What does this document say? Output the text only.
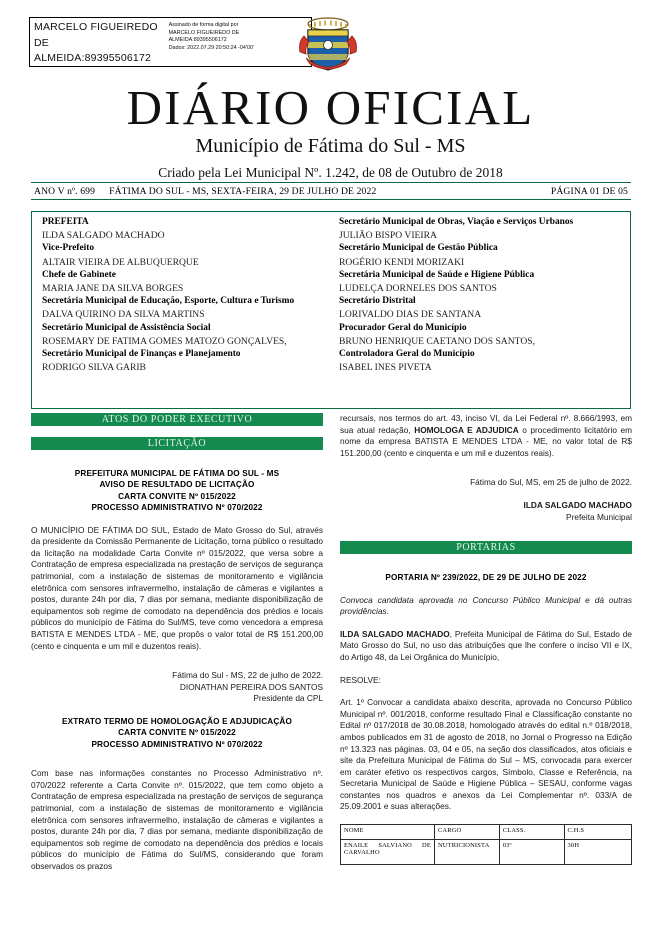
MARCELO FIGUEIREDO DE ALMEIDA:89395506172
Assinado de forma digital por
MARCELO FIGUEIREDO DE
ALMEIDA:89395506172
Dados: 2022.07.29 20:50:24 -04'00'
DIÁRIO OFICIAL
Município de Fátima do Sul - MS
Criado pela Lei Municipal Nº. 1.242, de 08 de Outubro de 2018
ANO V nº. 699 FÁTIMA DO SUL - MS, SEXTA-FEIRA, 29 DE JULHO DE 2022	PÁGINA 01 DE 05
PREFEITA
ILDA SALGADO MACHADO
Vice-Prefeito
ALTAIR VIEIRA DE ALBUQUERQUE
Chefe de Gabinete
MARIA JANE DA SILVA BORGES
Secretária Municipal de Educação, Esporte, Cultura e Turismo
DALVA QUIRINO DA SILVA MARTINS
Secretário Municipal de Assistência Social
ROSEMARY DE FATIMA GOMES MATOZO GONÇALVES,
Secretário Municipal de Finanças e Planejamento
RODRIGO SILVA GARIB
Secretário Municipal de Obras, Viação e Serviços Urbanos
JULIÃO BISPO VIEIRA
Secretário Municipal de Gestão Pública
ROGÉRIO KENDI MORIZAKI
Secretária Municipal de Saúde e Higiene Pública
LUDELÇA DORNELES DOS SANTOS
Secretário Distrital
LORIVALDO DIAS DE SANTANA
Procurador Geral do Município
BRUNO HENRIQUE CAETANO DOS SANTOS,
Controladora Geral do Município
ISABEL INES PIVETA
ATOS DO PODER EXECUTIVO
LICITAÇÃO
PREFEITURA MUNICIPAL DE FÁTIMA DO SUL - MS
AVISO DE RESULTADO DE LICITAÇÃO
CARTA CONVITE Nº 015/2022
PROCESSO ADMINISTRATIVO Nº 070/2022

O MUNICÍPIO DE FÁTIMA DO SUL, Estado de Mato Grosso do Sul, através da presidente da Comissão Permanente de Licitação, torna público o resultado da licitação na modalidade Carta Convite nº 015/2022, que versa sobre a Contratação de empresa especializada na prestação de serviços de segurança patrimonial, com a instalação de sistemas de monitoramento e vigilância eletrônica com sensores infravermelho, instalação de câmeras e vigilantes a postos, durante 24h por dia, 7 dias por semana, mediante disponibilização de equipamentos sob regime de comodato na dependência dos prédios e locais públicos do município de Fátima do Sul/MS, teve como vencedora a empresa BATISTA E MENDES LTDA - ME, que propôs o valor total de R$ 151.200,00 (cento e cinquenta e um mil e duzentos reais).

Fátima do Sul - MS, 22 de julho de 2022.
DIONATHAN PEREIRA DOS SANTOS
Presidente da CPL
EXTRATO TERMO DE HOMOLOGAÇÃO E ADJUDICAÇÃO
CARTA CONVITE Nº 015/2022
PROCESSO ADMINISTRATIVO Nº 070/2022

Com base nas informações constantes no Processo Administrativo nº. 070/2022 referente a Carta Convite nº. 015/2022, que tem como objeto a Contratação de empresa especializada na prestação de serviços de segurança patrimonial, com a instalação de sistemas de monitoramento e vigilância eletrônica com sensores infravermelho, instalação de câmeras e vigilantes a postos, durante 24h por dia, 7 dias por semana, mediante disponibilização de equipamentos sob regime de comodato na dependência dos prédios e locais públicos do município de Fátima do Sul/MS, considerando que foram observados os prazos

recursais, nos termos do art. 43, inciso VI, da Lei Federal nº. 8.666/1993, em sua atual redação, HOMOLOGA E ADJUDICA o procedimento licitatório em nome da empresa BATISTA E MENDES LTDA - ME, no valor total de R$ 151.200,00 (cento e cinquenta e um mil e duzentos reais).

Fátima do Sul, MS, em 25 de julho de 2022.
ILDA SALGADO MACHADO
Prefeita Municipal
PORTARIAS
PORTARIA Nº 239/2022, DE 29 DE JULHO DE 2022

Convoca candidata aprovada no Concurso Público Municipal e dá outras providências.

ILDA SALGADO MACHADO, Prefeita Municipal de Fátima do Sul, Estado de Mato Grosso do Sul, no uso das atribuições que lhe confere o inciso VII e IX, do Artigo 48, da Lei Orgânica do Município,

RESOLVE:

Art. 1º Convocar a candidata abaixo descrita, aprovada no Concurso Público Municipal nº. 001/2018, conforme resultado Final e Classificação constante no Edital nº 017/2018 de 30.08.2018, homologado através do edital n.º 018/2018, ambos publicados em 31 de agosto de 2018, no Jornal o Progresso na Edição nº 13.323 nas páginas. 03, 04 e 05, na seção dos classificados, atos oficiais e site da Prefeitura Municipal de Fátima do Sul – MS, convocada para exercer em caráter efetivo os respectivos cargos, Símbolo, Classe e Referência, na Secretaria Municipal de Saúde e Higiene Pública – SESAU, conforme vagas constantes nos quadros e anexos da Lei Complementar nº. 033/A de 25.09.2001 e suas alterações.

NOME	CARGO	CLASS.	C.H.S
ENAILE SALVIANO DE CARVALHO	NUTRICIONISTA	03º	30H
